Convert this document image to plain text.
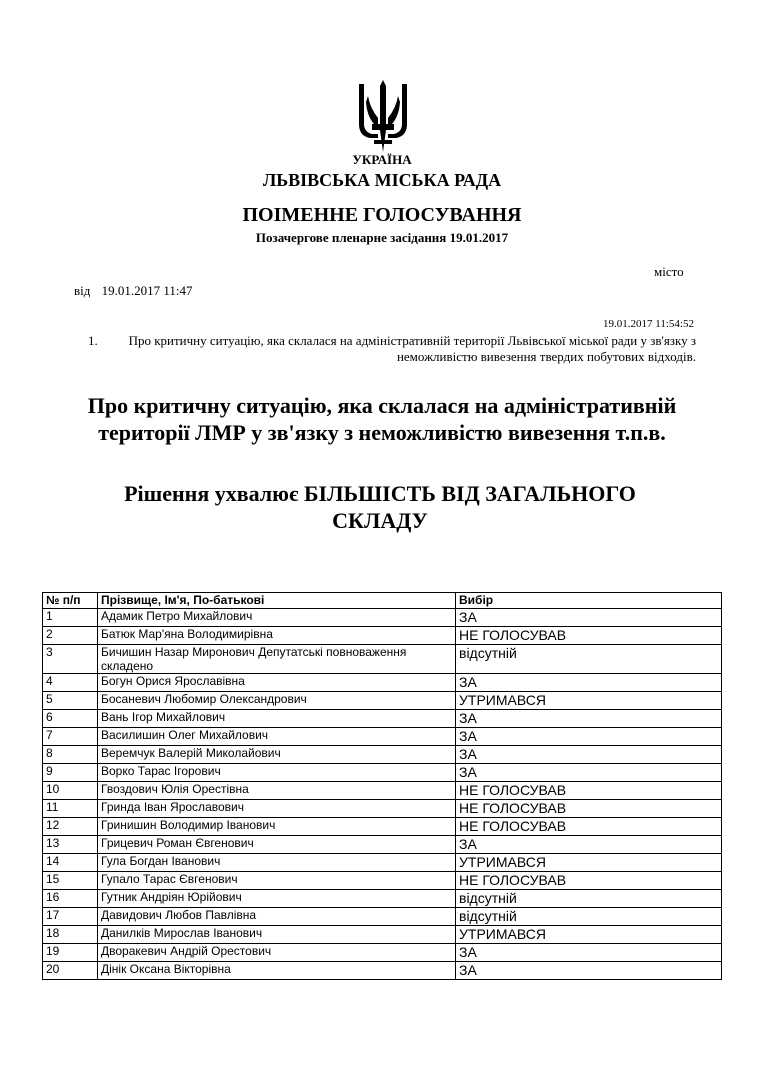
УКРАЇНА
ЛЬВІВСЬКА МІСЬКА РАДА
ПОІМЕННЕ ГОЛОСУВАННЯ
Позачергове пленарне засідання 19.01.2017
місто
від 19.01.2017 11:47
19.01.2017 11:54:52
1.	Про критичну ситуацію, яка склалася на адміністративній території Львівської міської ради у зв'язку з неможливістю вивезення твердих побутових відходів.
Про критичну ситуацію, яка склалася на адміністративній території ЛМР у зв'язку з неможливістю вивезення т.п.в.
Рішення ухвалює БІЛЬШІСТЬ ВІД ЗАГАЛЬНОГО СКЛАДУ
№ п/п	Прізвище, Ім'я, По-батькові	Вибір
1	Адамик Петро Михайлович	ЗА
2	Батюк Мар'яна Володимирівна	НЕ ГОЛОСУВАВ
3	Бичишин Назар Миронович Депутатські повноваження складено	відсутній
4	Богун Орися Ярославівна	ЗА
5	Босаневич Любомир Олександрович	УТРИМАВСЯ
6	Вань Ігор Михайлович	ЗА
7	Василишин Олег Михайлович	ЗА
8	Веремчук Валерій Миколайович	ЗА
9	Ворко Тарас Ігорович	ЗА
10	Гвоздович Юлія Орестівна	НЕ ГОЛОСУВАВ
11	Гринда Іван Ярославович	НЕ ГОЛОСУВАВ
12	Гринишин Володимир Іванович	НЕ ГОЛОСУВАВ
13	Грицевич Роман Євгенович	ЗА
14	Гула Богдан Іванович	УТРИМАВСЯ
15	Гупало Тарас Євгенович	НЕ ГОЛОСУВАВ
16	Гутник Андріян Юрійович	відсутній
17	Давидович Любов Павлівна	відсутній
18	Данилків Мирослав Іванович	УТРИМАВСЯ
19	Дворакевич Андрій Орестович	ЗА
20	Дінік Оксана Вікторівна	ЗА
